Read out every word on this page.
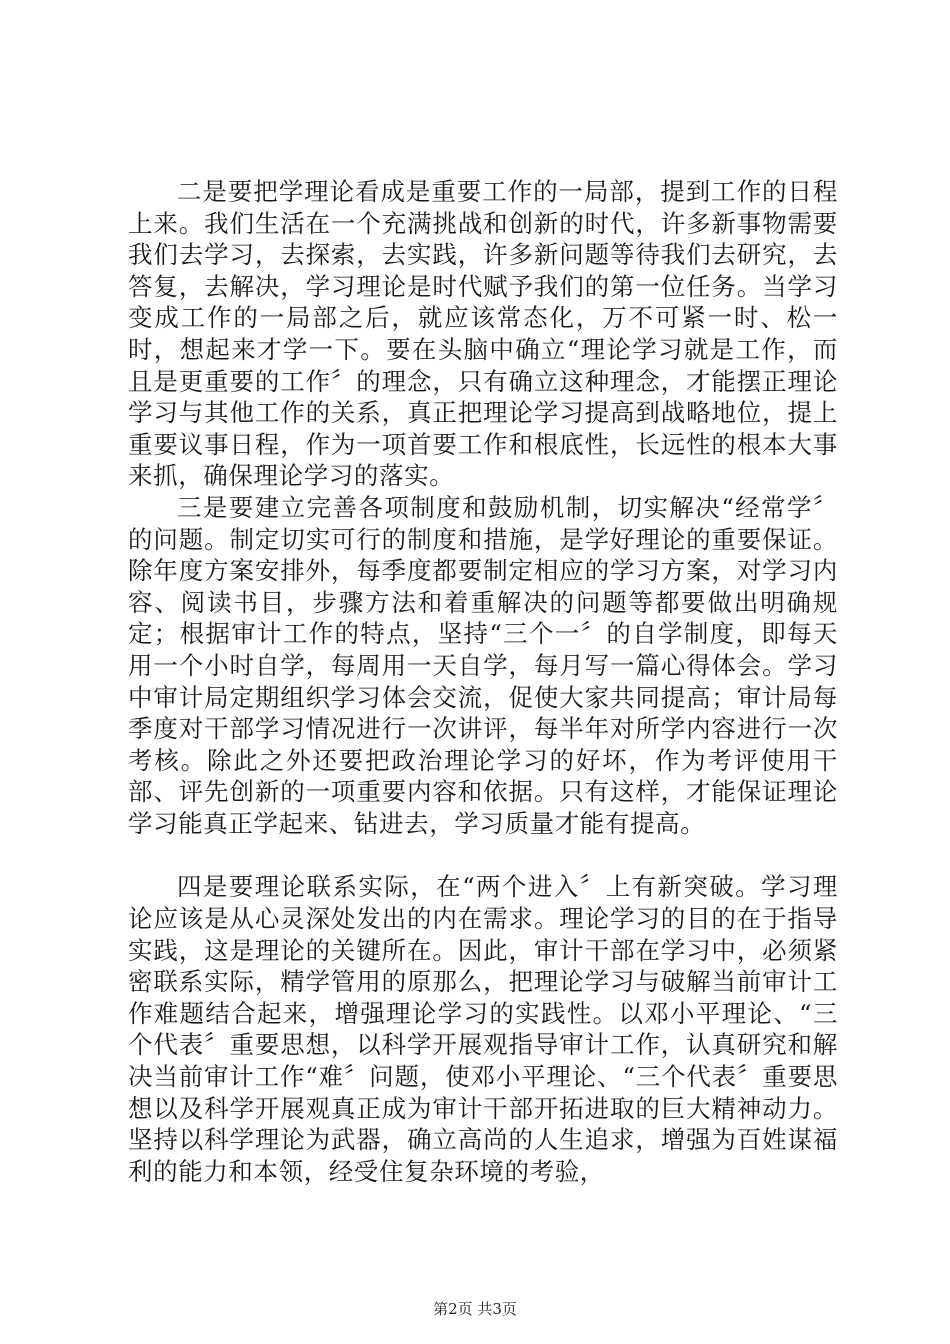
二是要把学理论看成是重要工作的一局部，提到工作的日程上来。我们生活在一个充满挑战和创新的时代，许多新事物需要我们去学习，去探索，去实践，许多新问题等待我们去研究，去答复，去解决，学习理论是时代赋予我们的第一位任务。当学习变成工作的一局部之后，就应该常态化，万不可紧一时、松一时，想起来才学一下。要在头脑中确立“理论学习就是工作，而且是更重要的工作〞的理念，只有确立这种理念，才能摆正理论学习与其他工作的关系，真正把理论学习提高到战略地位，提上重要议事日程，作为一项首要工作和根底性，长远性的根本大事来抓，确保理论学习的落实。

三是要建立完善各项制度和鼓励机制，切实解决“经常学〞的问题。制定切实可行的制度和措施，是学好理论的重要保证。除年度方案安排外，每季度都要制定相应的学习方案，对学习内容、阅读书目，步骤方法和着重解决的问题等都要做出明确规定；根据审计工作的特点，坚持“三个一〞的自学制度，即每天用一个小时自学，每周用一天自学，每月写一篇心得体会。学习中审计局定期组织学习体会交流，促使大家共同提高；审计局每季度对干部学习情况进行一次讲评，每半年对所学内容进行一次考核。除此之外还要把政治理论学习的好坏，作为考评使用干部、评先创新的一项重要内容和依据。只有这样，才能保证理论学习能真正学起来、钻进去，学习质量才能有提高。

四是要理论联系实际，在“两个进入〞上有新突破。学习理论应该是从心灵深处发出的内在需求。理论学习的目的在于指导实践，这是理论的关键所在。因此，审计干部在学习中，必须紧密联系实际，精学管用的原那么，把理论学习与破解当前审计工作难题结合起来，增强理论学习的实践性。以邓小平理论、“三个代表〞重要思想，以科学开展观指导审计工作，认真研究和解决当前审计工作“难〞问题，使邓小平理论、“三个代表〞重要思想以及科学开展观真正成为审计干部开拓进取的巨大精神动力。坚持以科学理论为武器，确立高尚的人生追求，增强为百姓谋福利的能力和本领，经受住复杂环境的考验，

第2页 共3页
